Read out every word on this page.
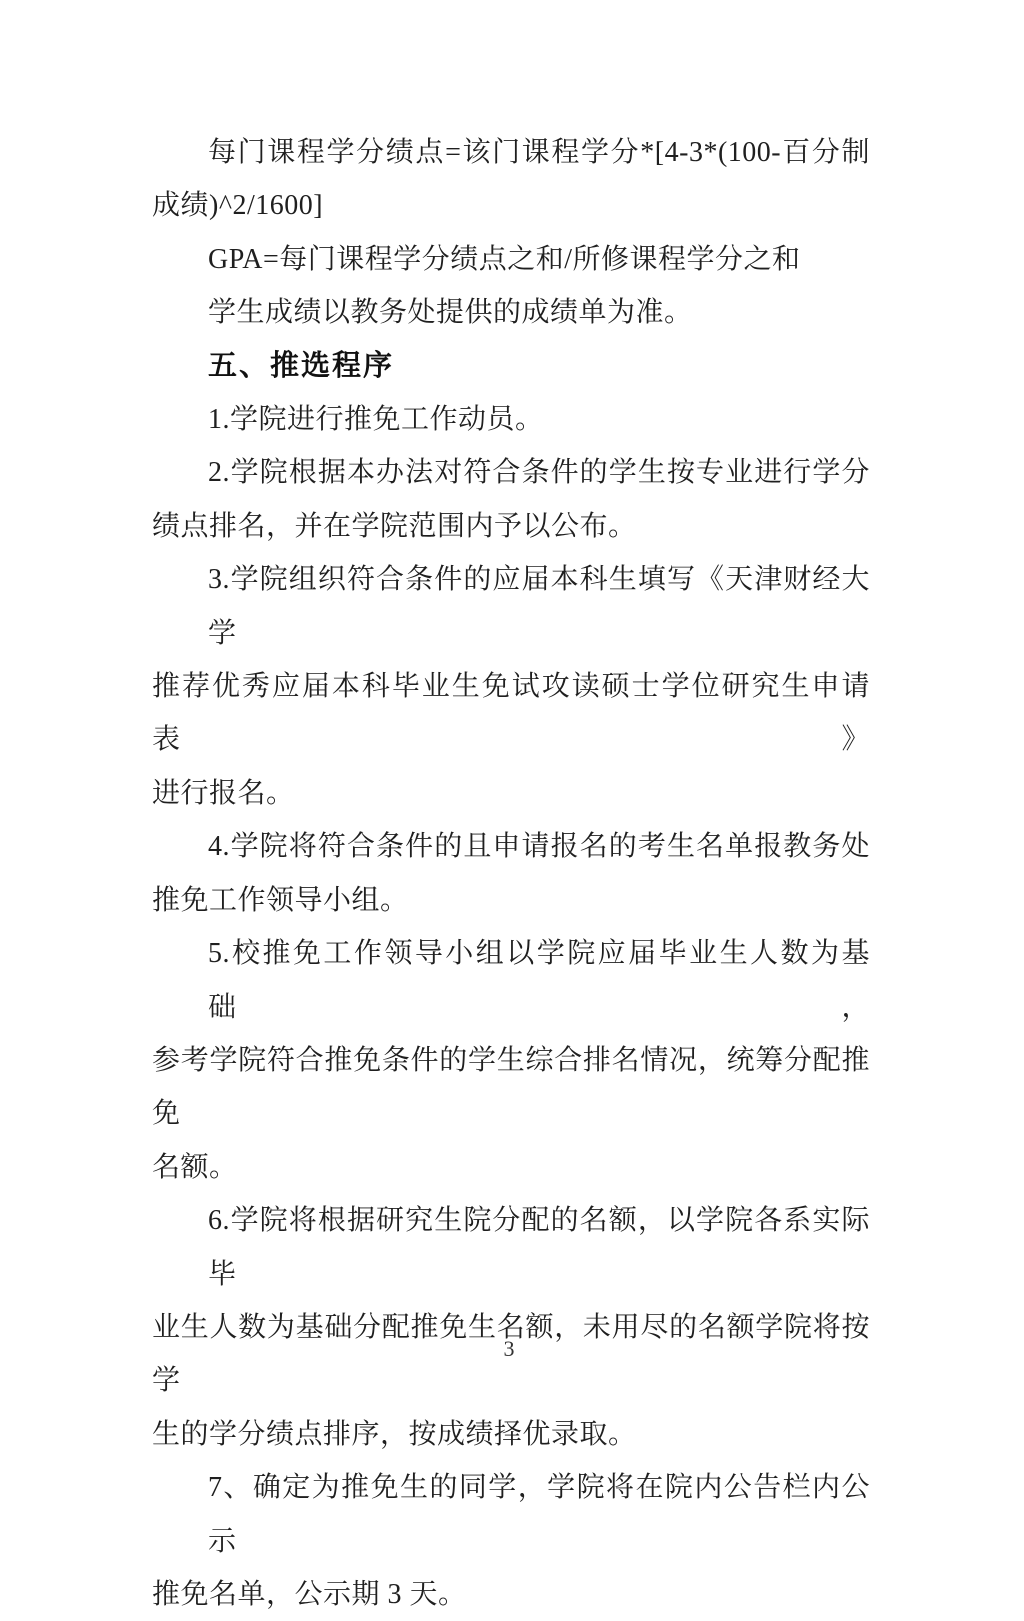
每门课程学分绩点=该门课程学分*[4-3*(100-百分制
成绩)^2/1600]
GPA=每门课程学分绩点之和/所修课程学分之和
学生成绩以教务处提供的成绩单为准。
五、推选程序
1.学院进行推免工作动员。
2.学院根据本办法对符合条件的学生按专业进行学分
绩点排名，并在学院范围内予以公布。
3.学院组织符合条件的应届本科生填写《天津财经大学
推荐优秀应届本科毕业生免试攻读硕士学位研究生申请表》
进行报名。
4.学院将符合条件的且申请报名的考生名单报教务处
推免工作领导小组。
5.校推免工作领导小组以学院应届毕业生人数为基础，
参考学院符合推免条件的学生综合排名情况，统筹分配推免
名额。
6.学院将根据研究生院分配的名额，以学院各系实际毕
业生人数为基础分配推免生名额，未用尽的名额学院将按学
生的学分绩点排序，按成绩择优录取。
7、确定为推免生的同学，学院将在院内公告栏内公示
推免名单，公示期 3 天。
3
